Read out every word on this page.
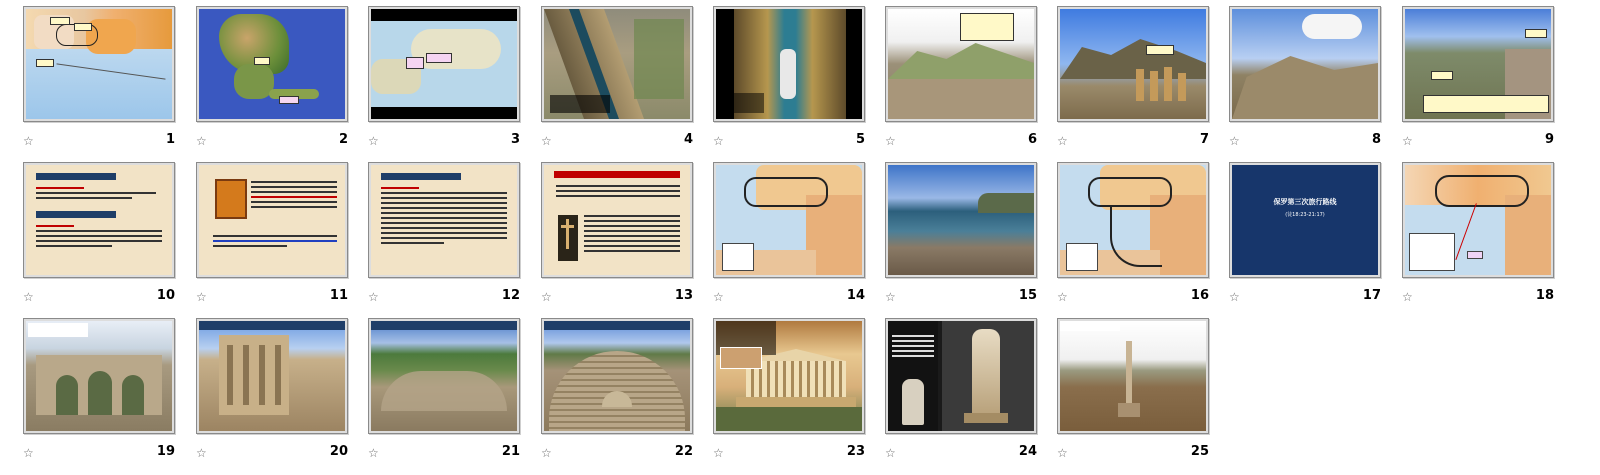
☆	1 ☆	2 ☆	3 ☆	4 ☆	5 ☆	6 ☆	7 ☆	8 ☆	9
☆	10 ☆	11 ☆	12 ☆	13 ☆	14 ☆	15 ☆	16
保罗第三次旅行路线
(徒18:23-21:17)
☆	17 ☆	18
☆	19 ☆	20 ☆	21 ☆	22 ☆	23 ☆	24 ☆	25
